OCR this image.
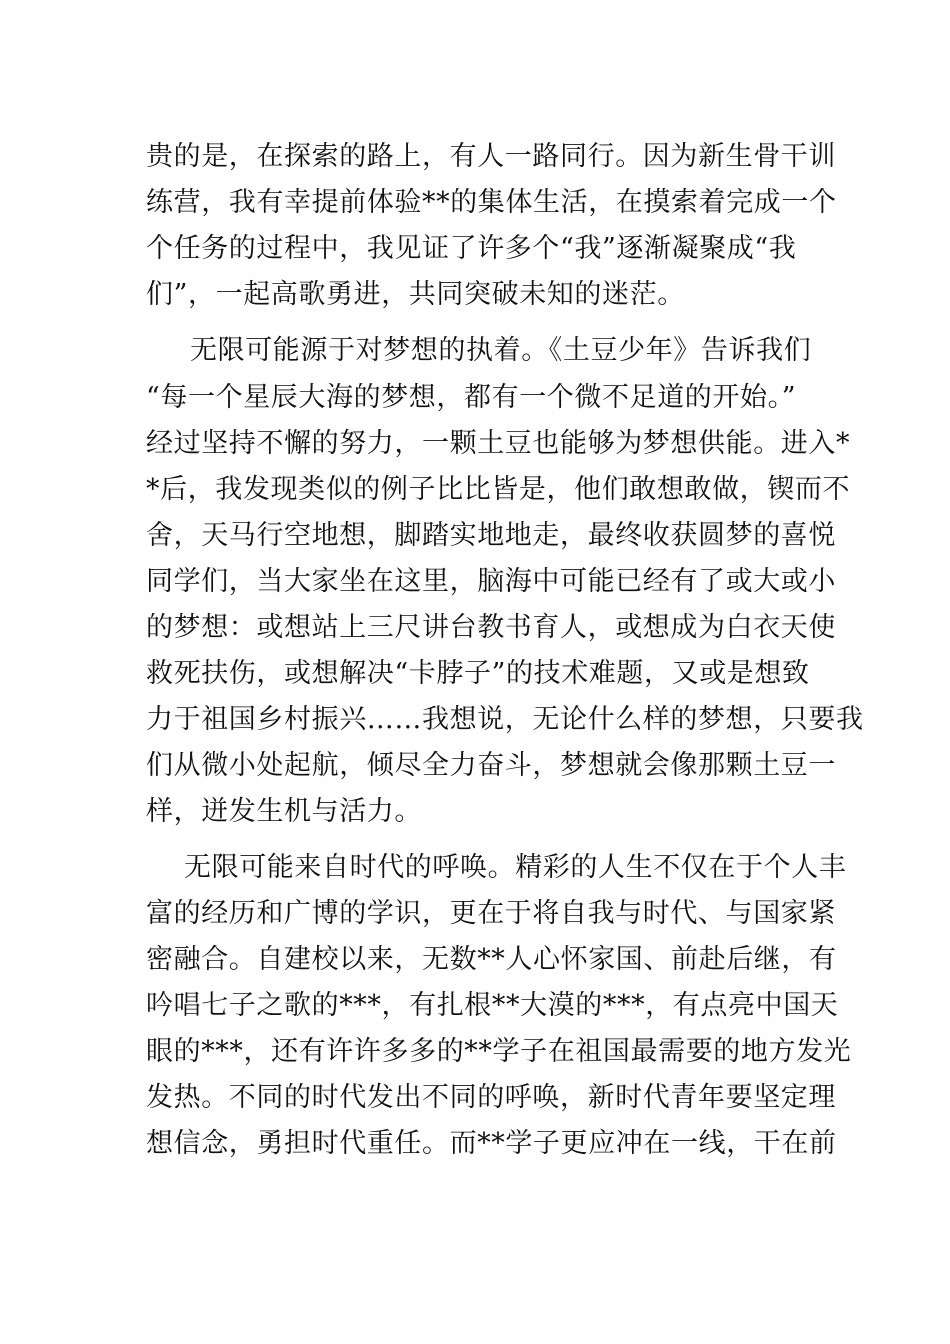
贵的是，在探索的路上，有人一路同行。因为新生骨干训
练营，我有幸提前体验**的集体生活，在摸索着完成一个
个任务的过程中，我见证了许多个“我”逐渐凝聚成“我
们”，一起高歌勇进，共同突破未知的迷茫。
无限可能源于对梦想的执着。《土豆少年》告诉我们
“每一个星辰大海的梦想，都有一个微不足道的开始。”
经过坚持不懈的努力，一颗土豆也能够为梦想供能。进入*
*后，我发现类似的例子比比皆是，他们敢想敢做，锲而不
舍，天马行空地想，脚踏实地地走，最终收获圆梦的喜悦
同学们，当大家坐在这里，脑海中可能已经有了或大或小
的梦想：或想站上三尺讲台教书育人，或想成为白衣天使
救死扶伤，或想解决“卡脖子”的技术难题，又或是想致
力于祖国乡村振兴……我想说，无论什么样的梦想，只要我
们从微小处起航，倾尽全力奋斗，梦想就会像那颗土豆一
样，迸发生机与活力。
无限可能来自时代的呼唤。精彩的人生不仅在于个人丰
富的经历和广博的学识，更在于将自我与时代、与国家紧
密融合。自建校以来，无数**人心怀家国、前赴后继，有
吟唱七子之歌的***，有扎根**大漠的***，有点亮中国天
眼的***，还有许许多多的**学子在祖国最需要的地方发光
发热。不同的时代发出不同的呼唤，新时代青年要坚定理
想信念，勇担时代重任。而**学子更应冲在一线，干在前
